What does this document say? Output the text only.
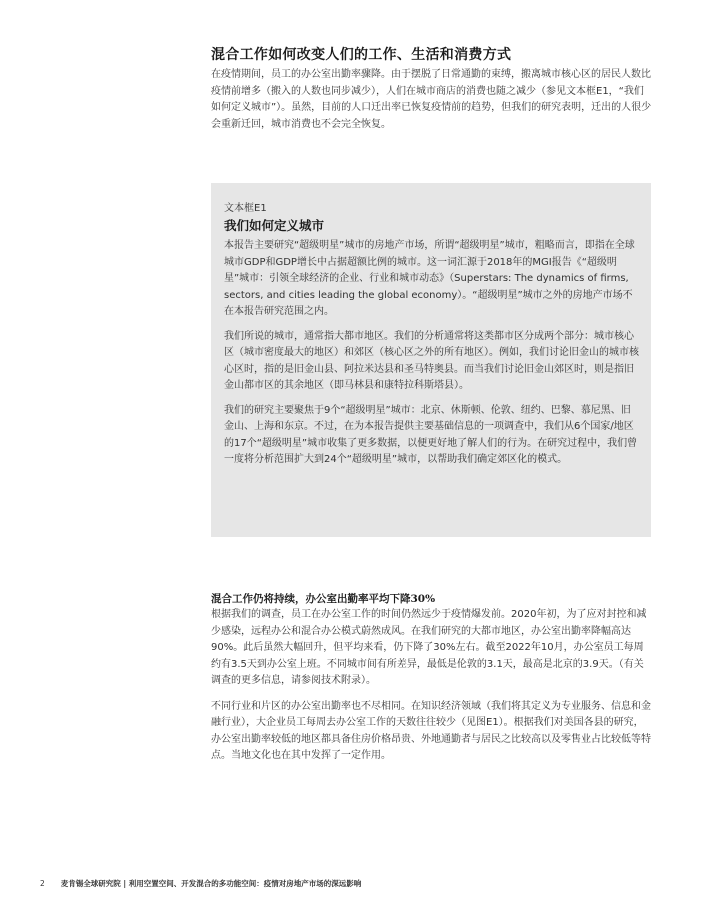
混合工作如何改变人们的工作、生活和消费方式

在疫情期间，员工的办公室出勤率骤降。由于摆脱了日常通勤的束缚，搬离城市核心区的居民人数比疫情前增多（搬入的人数也同步减少），人们在城市商店的消费也随之减少（参见文本框E1，“我们如何定义城市”）。虽然，目前的人口迁出率已恢复疫情前的趋势，但我们的研究表明，迁出的人很少会重新迁回，城市消费也不会完全恢复。

文本框E1

我们如何定义城市

本报告主要研究“超级明星”城市的房地产市场，所谓“超级明星”城市，粗略而言，即指在全球城市GDP和GDP增长中占据超额比例的城市。这一词汇源于2018年的MGI报告《“超级明星”城市：引领全球经济的企业、行业和城市动态》（Superstars: The dynamics of firms, sectors, and cities leading the global economy）。“超级明星”城市之外的房地产市场不在本报告研究范围之内。

我们所说的城市，通常指大都市地区。我们的分析通常将这类都市区分成两个部分：城市核心区（城市密度最大的地区）和郊区（核心区之外的所有地区）。例如，我们讨论旧金山的城市核心区时，指的是旧金山县、阿拉米达县和圣马特奥县。而当我们讨论旧金山郊区时，则是指旧金山都市区的其余地区（即马林县和康特拉科斯塔县）。

我们的研究主要聚焦于9个“超级明星”城市：北京、休斯顿、伦敦、纽约、巴黎、慕尼黑、旧金山、上海和东京。不过，在为本报告提供主要基础信息的一项调查中，我们从6个国家/地区的17个“超级明星”城市收集了更多数据，以便更好地了解人们的行为。在研究过程中，我们曾一度将分析范围扩大到24个“超级明星”城市，以帮助我们确定郊区化的模式。

混合工作仍将持续，办公室出勤率平均下降30%

根据我们的调查，员工在办公室工作的时间仍然远少于疫情爆发前。2020年初，为了应对封控和减少感染，远程办公和混合办公模式蔚然成风。在我们研究的大都市地区，办公室出勤率降幅高达90%。此后虽然大幅回升，但平均来看，仍下降了30%左右。截至2022年10月，办公室员工每周约有3.5天到办公室上班。不同城市间有所差异，最低是伦敦的3.1天，最高是北京的3.9天。（有关调查的更多信息，请参阅技术附录）。

不同行业和片区的办公室出勤率也不尽相同。在知识经济领域（我们将其定义为专业服务、信息和金融行业），大企业员工每周去办公室工作的天数往往较少（见图E1）。根据我们对美国各县的研究，办公室出勤率较低的地区都具备住房价格昂贵、外地通勤者与居民之比较高以及零售业占比较低等特点。当地文化也在其中发挥了一定作用。

2 麦肯锡全球研究院 | 利用空置空间、开发混合的多功能空间：疫情对房地产市场的深远影响
